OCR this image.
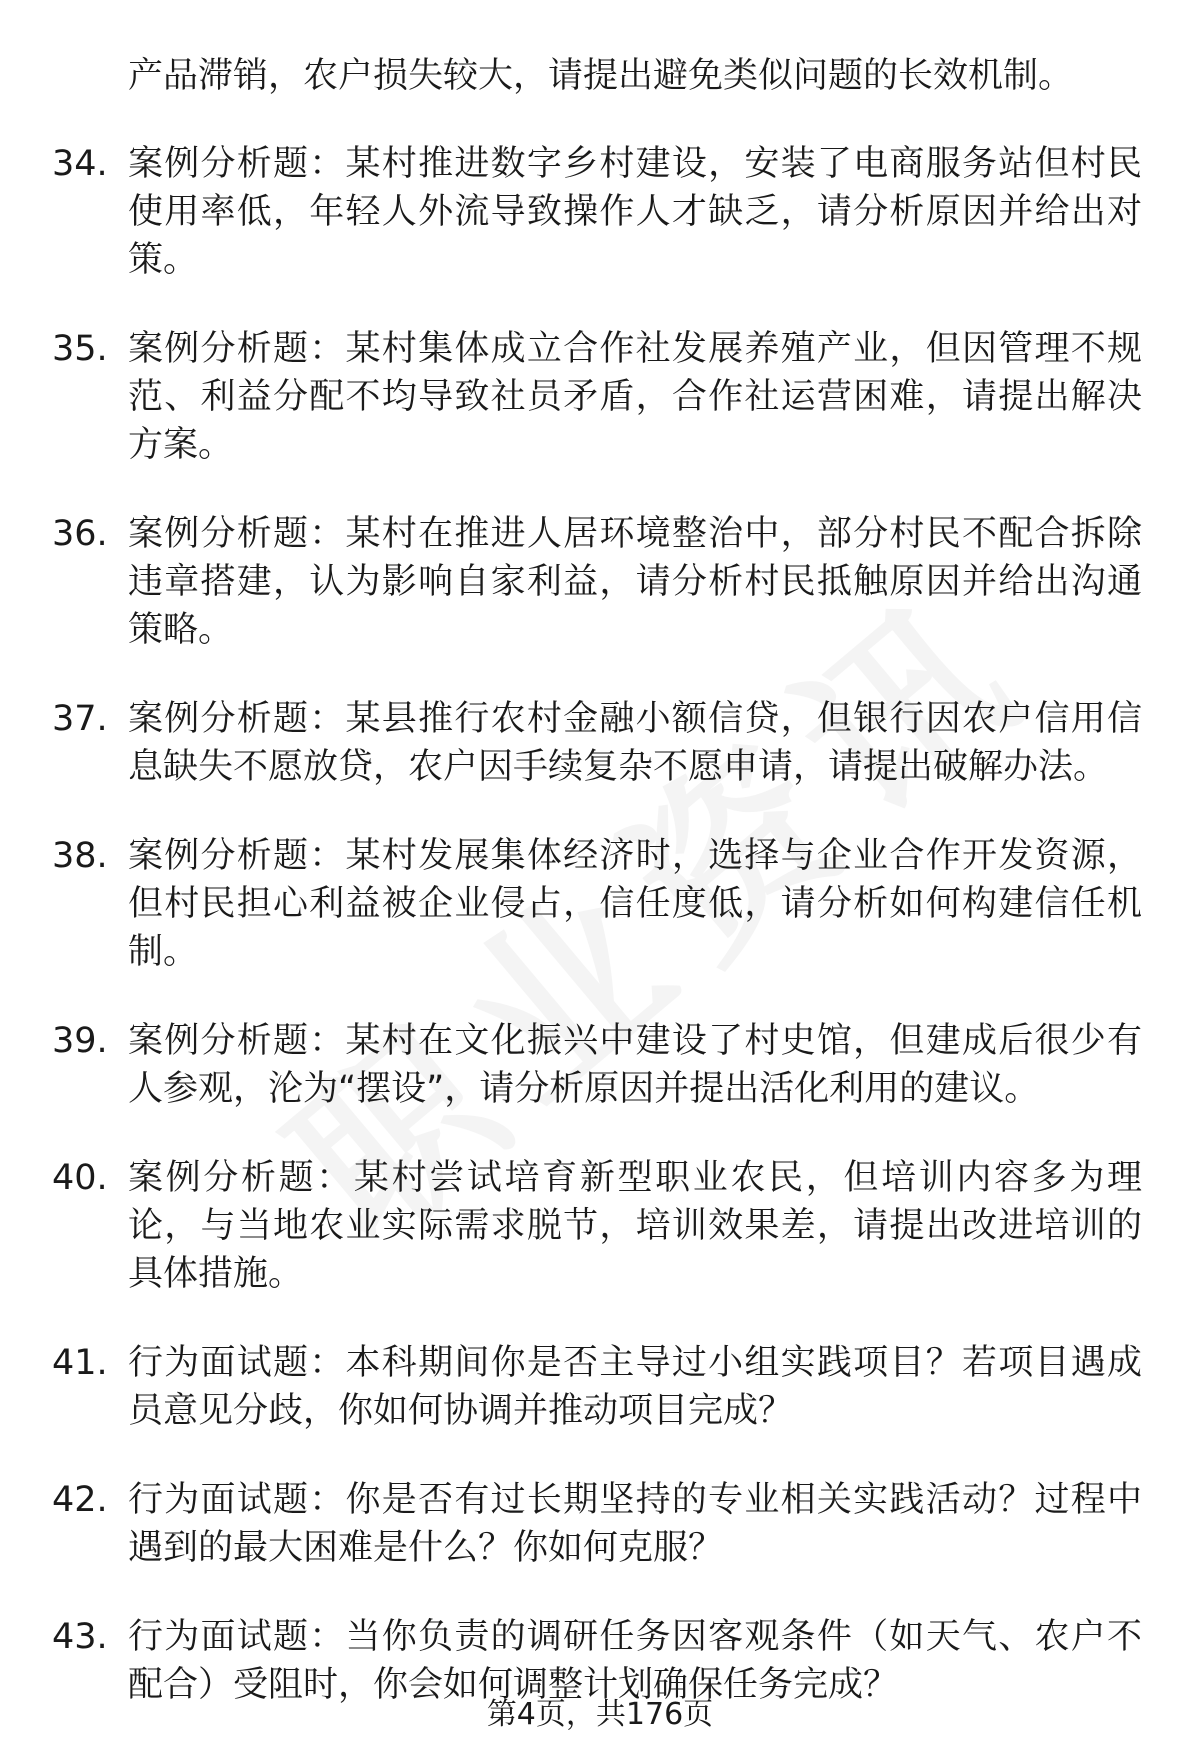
产品滞销，农户损失较大，请提出避免类似问题的长效机制。
34. 案例分析题：某村推进数字乡村建设，安装了电商服务站但村民使用率低，年轻人外流导致操作人才缺乏，请分析原因并给出对策。
35. 案例分析题：某村集体成立合作社发展养殖产业，但因管理不规范、利益分配不均导致社员矛盾，合作社运营困难，请提出解决方案。
36. 案例分析题：某村在推进人居环境整治中，部分村民不配合拆除违章搭建，认为影响自家利益，请分析村民抵触原因并给出沟通策略。
37. 案例分析题：某县推行农村金融小额信贷，但银行因农户信用信息缺失不愿放贷，农户因手续复杂不愿申请，请提出破解办法。
38. 案例分析题：某村发展集体经济时，选择与企业合作开发资源，但村民担心利益被企业侵占，信任度低，请分析如何构建信任机制。
39. 案例分析题：某村在文化振兴中建设了村史馆，但建成后很少有人参观，沦为“摆设”，请分析原因并提出活化利用的建议。
40. 案例分析题：某村尝试培育新型职业农民，但培训内容多为理论，与当地农业实际需求脱节，培训效果差，请提出改进培训的具体措施。
41. 行为面试题：本科期间你是否主导过小组实践项目？若项目遇成员意见分歧，你如何协调并推动项目完成？
42. 行为面试题：你是否有过长期坚持的专业相关实践活动？过程中遇到的最大困难是什么？你如何克服？
43. 行为面试题：当你负责的调研任务因客观条件（如天气、农户不配合）受阻时，你会如何调整计划确保任务完成？
第4页，共176页
